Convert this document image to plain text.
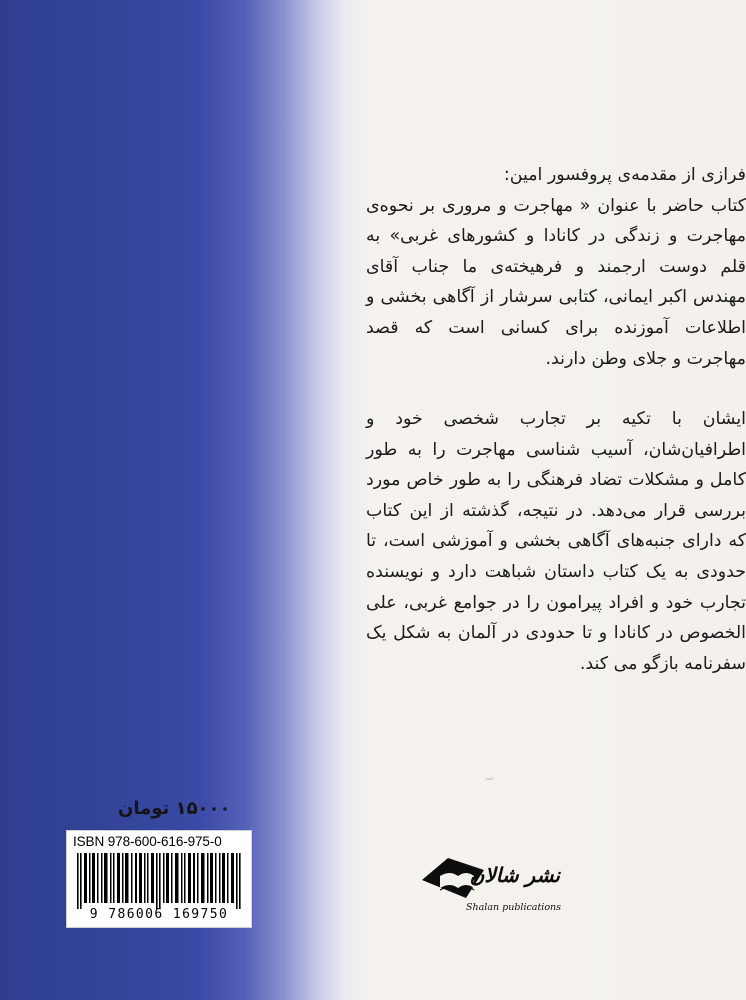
فرازی از مقدمه‌ی پروفسور امین:

کتاب حاضر با عنوان « مهاجرت و مروری بر نحوه‌ی مهاجرت و زندگی در کانادا و کشورهای غربی» به قلم دوست ارجمند و فرهیخته‌ی ما جناب آقای مهندس اکبر ایمانی، کتابی سرشار از آگاهی بخشی و اطلاعات آموزنده برای کسانی است که قصد مهاجرت و جلای وطن دارند.

ایشان با تکیه بر تجارب شخصی خود و اطرافیان‌شان، آسیب شناسی مهاجرت را به طور کامل و مشکلات تضاد فرهنگی را به طور خاص مورد بررسی قرار می‌دهد. در نتیجه، گذشته از این کتاب که دارای جنبه‌های آگاهی بخشی و آموزشی است، تا حدودی به یک کتاب داستان شباهت دارد و نویسنده تجارب خود و افراد پیرامون را در جوامع غربی، علی الخصوص در کانادا و تا حدودی در آلمان به شکل یک سفرنامه بازگو می کند.

۱۵۰۰۰ تومان
ISBN 978-600-616-975-0
9 786006 169750
~
نشر شالان
Shalan publications
